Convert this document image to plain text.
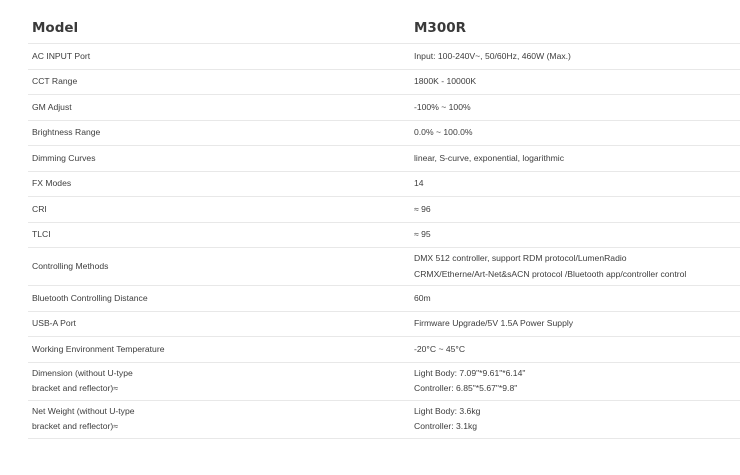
Model	M300R

AC INPUT Port	Input: 100-240V~, 50/60Hz, 460W (Max.)

CCT Range	1800K - 10000K

GM Adjust	-100% ~ 100%

Brightness Range	0.0% ~ 100.0%

Dimming Curves	linear, S-curve, exponential, logarithmic

FX Modes	14

CRI	≈ 96

TLCI	≈ 95

Controlling Methods	DMX 512 controller, support RDM protocol/LumenRadio
CRMX/Etherne/Art-Net&sACN protocol /Bluetooth app/controller control

Bluetooth Controlling Distance	60m

USB-A Port	Firmware Upgrade/5V 1.5A Power Supply

Working Environment Temperature	-20°C ~ 45°C

Dimension (without U-type
bracket and reflector)≈	Light Body: 7.09"*9.61"*6.14"
Controller: 6.85"*5.67"*9.8"

Net Weight (without U-type
bracket and reflector)≈	Light Body: 3.6kg
Controller: 3.1kg
